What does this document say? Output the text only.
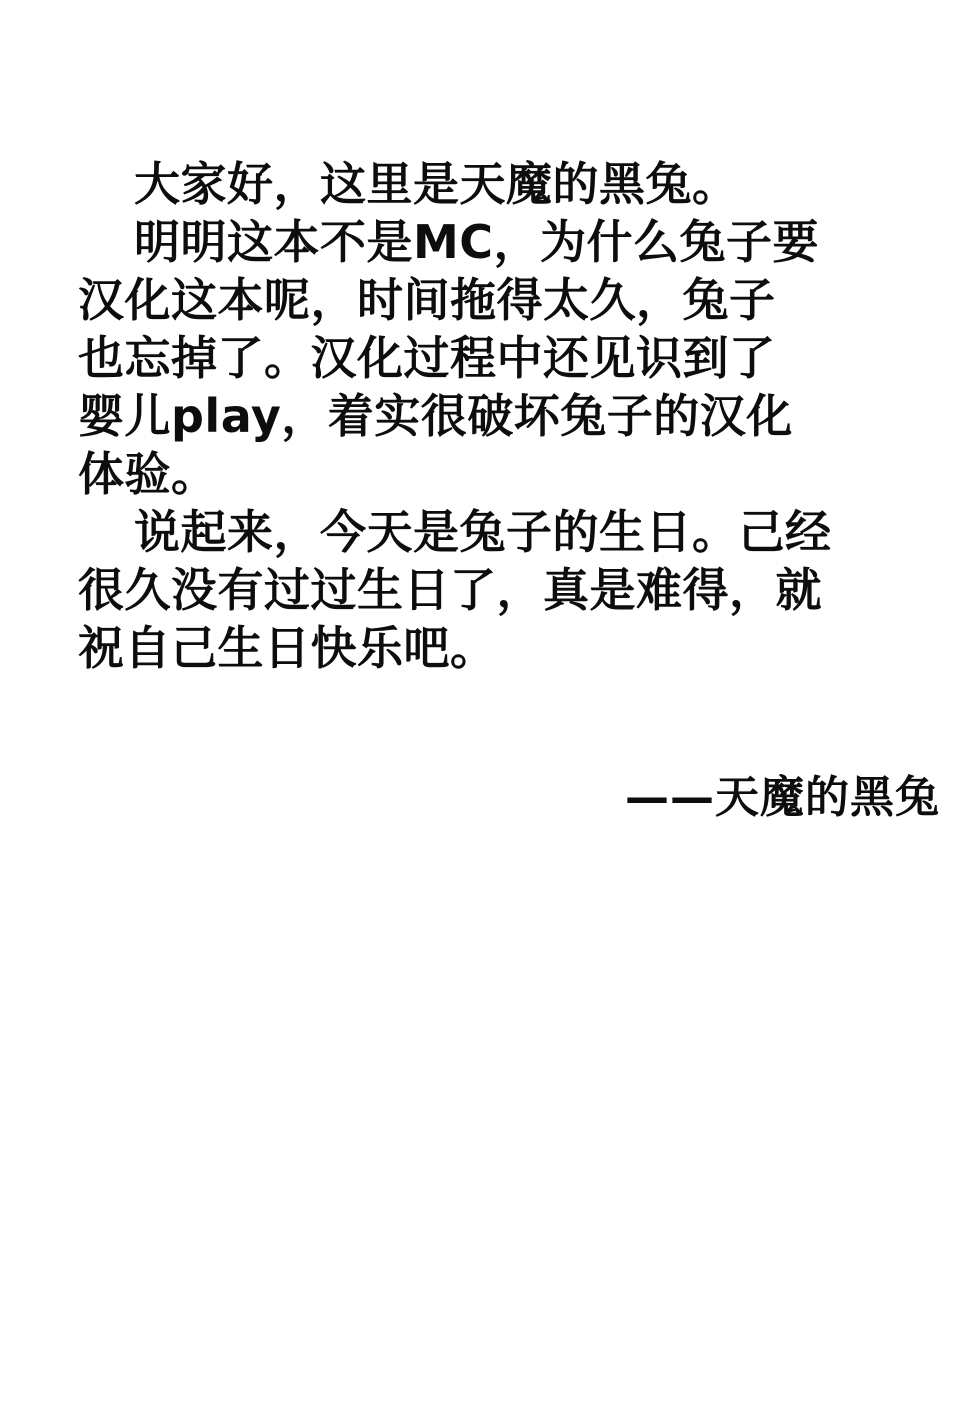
大家好，这里是天魔的黑兔。
明明这本不是MC，为什么兔子要
汉化这本呢，时间拖得太久，兔子
也忘掉了。汉化过程中还见识到了
婴儿play，着实很破坏兔子的汉化
体验。
说起来，今天是兔子的生日。己经
很久没有过过生日了，真是难得，就
祝自己生日快乐吧。
——天魔的黑兔
